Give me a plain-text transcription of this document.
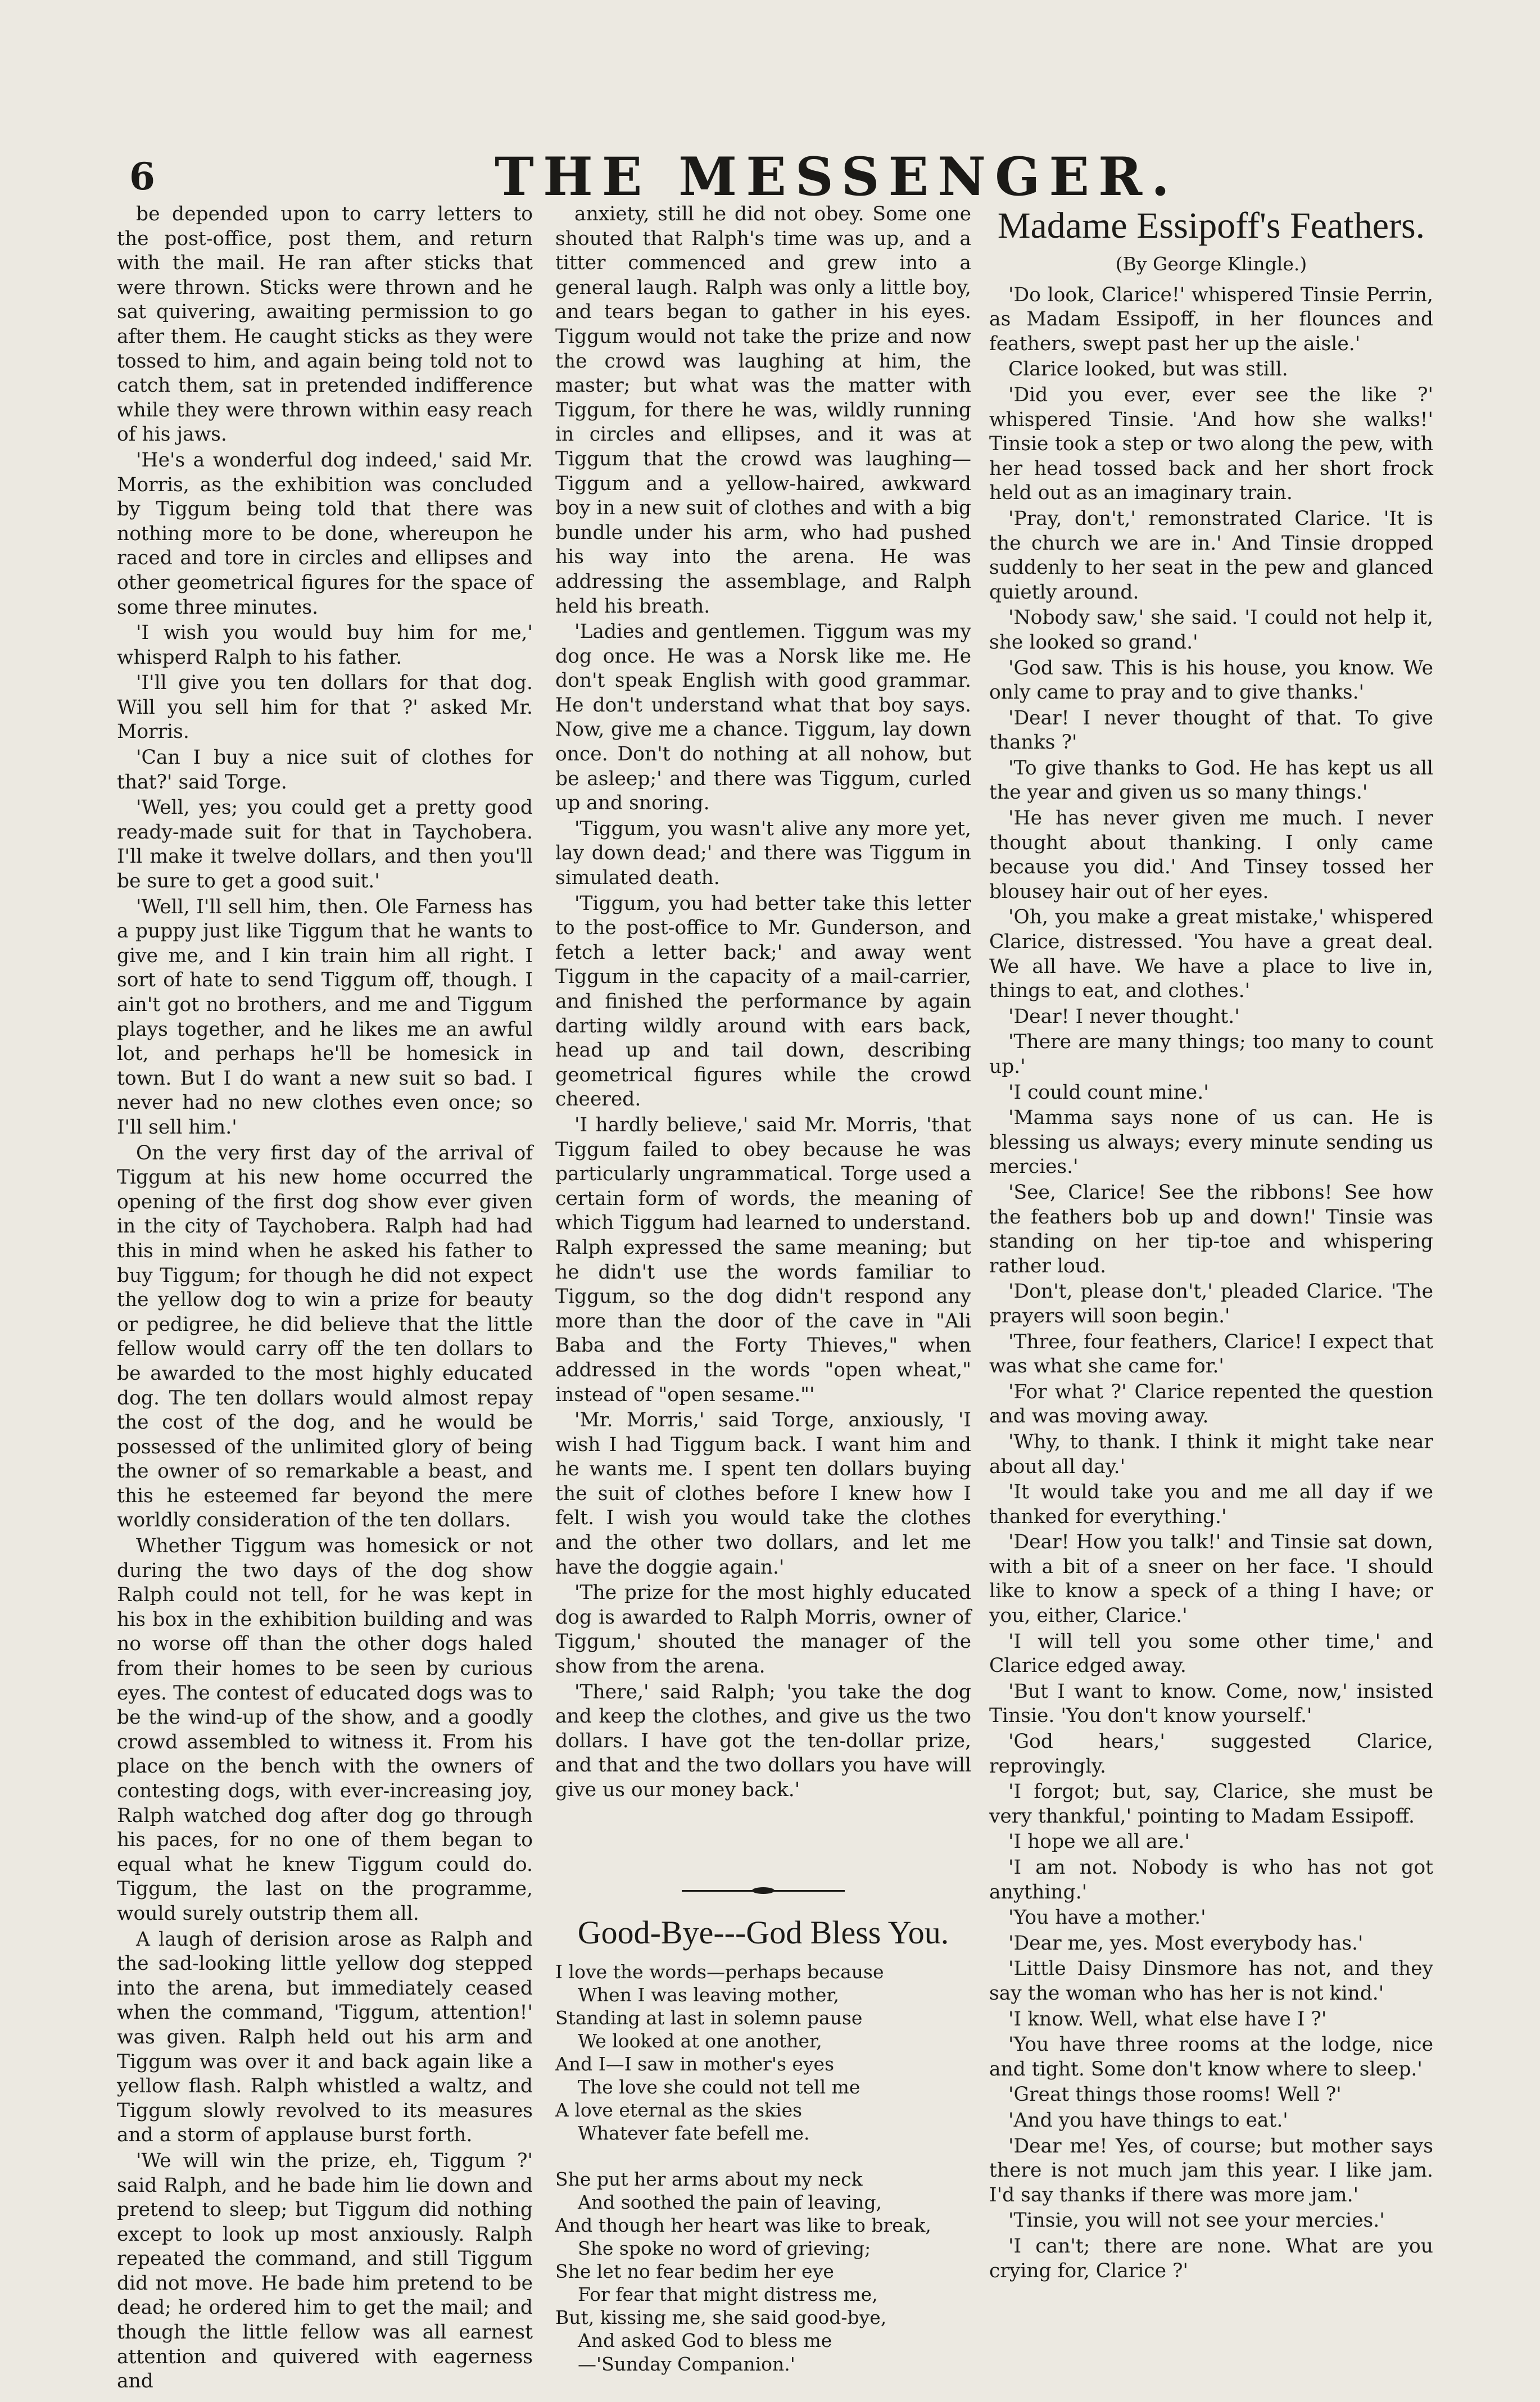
6	THE MESSENGER.

be depended upon to carry letters to the post-office, post them, and return with the mail. He ran after sticks that were thrown. Sticks were thrown and he sat quivering, awaiting permission to go after them. He caught sticks as they were tossed to him, and again being told not to catch them, sat in pretended indifference while they were thrown within easy reach of his jaws.

'He's a wonderful dog indeed,' said Mr. Morris, as the exhibition was concluded by Tiggum being told that there was nothing more to be done, whereupon he raced and tore in circles and ellipses and other geometrical figures for the space of some three minutes.

'I wish you would buy him for me,' whisperd Ralph to his father.

'I'll give you ten dollars for that dog. Will you sell him for that ?' asked Mr. Morris.

'Can I buy a nice suit of clothes for that?' said Torge.

'Well, yes; you could get a pretty good ready-made suit for that in Taychobera. I'll make it twelve dollars, and then you'll be sure to get a good suit.'

'Well, I'll sell him, then. Ole Farness has a puppy just like Tiggum that he wants to give me, and I kin train him all right. I sort of hate to send Tiggum off, though. I ain't got no brothers, and me and Tiggum plays together, and he likes me an awful lot, and perhaps he'll be homesick in town. But I do want a new suit so bad. I never had no new clothes even once; so I'll sell him.'

On the very first day of the arrival of Tiggum at his new home occurred the opening of the first dog show ever given in the city of Taychobera. Ralph had had this in mind when he asked his father to buy Tiggum; for though he did not expect the yellow dog to win a prize for beauty or pedigree, he did believe that the little fellow would carry off the ten dollars to be awarded to the most highly educated dog. The ten dollars would almost repay the cost of the dog, and he would be possessed of the unlimited glory of being the owner of so remarkable a beast, and this he esteemed far beyond the mere worldly consideration of the ten dollars.

Whether Tiggum was homesick or not during the two days of the dog show Ralph could not tell, for he was kept in his box in the exhibition building and was no worse off than the other dogs haled from their homes to be seen by curious eyes. The contest of educated dogs was to be the wind-up of the show, and a goodly crowd assembled to witness it. From his place on the bench with the owners of contesting dogs, with ever-increasing joy, Ralph watched dog after dog go through his paces, for no one of them began to equal what he knew Tiggum could do. Tiggum, the last on the programme, would surely outstrip them all.

A laugh of derision arose as Ralph and the sad-looking little yellow dog stepped into the arena, but immediately ceased when the command, 'Tiggum, attention!' was given. Ralph held out his arm and Tiggum was over it and back again like a yellow flash. Ralph whistled a waltz, and Tiggum slowly revolved to its measures and a storm of applause burst forth.

'We will win the prize, eh, Tiggum ?' said Ralph, and he bade him lie down and pretend to sleep; but Tiggum did nothing except to look up most anxiously. Ralph repeated the command, and still Tiggum did not move. He bade him pretend to be dead; he ordered him to get the mail; and though the little fellow was all earnest attention and quivered with eagerness and

anxiety, still he did not obey. Some one shouted that Ralph's time was up, and a titter commenced and grew into a general laugh. Ralph was only a little boy, and tears began to gather in his eyes. Tiggum would not take the prize and now the crowd was laughing at him, the master; but what was the matter with Tiggum, for there he was, wildly running in circles and ellipses, and it was at Tiggum that the crowd was laughing—Tiggum and a yellow-haired, awkward boy in a new suit of clothes and with a big bundle under his arm, who had pushed his way into the arena. He was addressing the assemblage, and Ralph held his breath.

'Ladies and gentlemen. Tiggum was my dog once. He was a Norsk like me. He don't speak English with good grammar. He don't understand what that boy says. Now, give me a chance. Tiggum, lay down once. Don't do nothing at all nohow, but be asleep;' and there was Tiggum, curled up and snoring.

'Tiggum, you wasn't alive any more yet, lay down dead;' and there was Tiggum in simulated death.

'Tiggum, you had better take this letter to the post-office to Mr. Gunderson, and fetch a letter back;' and away went Tiggum in the capacity of a mail-carrier, and finished the performance by again darting wildly around with ears back, head up and tail down, describing geometrical figures while the crowd cheered.

'I hardly believe,' said Mr. Morris, 'that Tiggum failed to obey because he was particularly ungrammatical. Torge used a certain form of words, the meaning of which Tiggum had learned to understand. Ralph expressed the same meaning; but he didn't use the words familiar to Tiggum, so the dog didn't respond any more than the door of the cave in "Ali Baba and the Forty Thieves," when addressed in the words "open wheat," instead of "open sesame."'

'Mr. Morris,' said Torge, anxiously, 'I wish I had Tiggum back. I want him and he wants me. I spent ten dollars buying the suit of clothes before I knew how I felt. I wish you would take the clothes and the other two dollars, and let me have the doggie again.'

'The prize for the most highly educated dog is awarded to Ralph Morris, owner of Tiggum,' shouted the manager of the show from the arena.

'There,' said Ralph; 'you take the dog and keep the clothes, and give us the two dollars. I have got the ten-dollar prize, and that and the two dollars you have will give us our money back.'

Good-Bye---God Bless You.
I love the words—perhaps because
When I was leaving mother,
Standing at last in solemn pause
We looked at one another,
And I—I saw in mother's eyes
The love she could not tell me
A love eternal as the skies
Whatever fate befell me.

She put her arms about my neck
And soothed the pain of leaving,
And though her heart was like to break,
She spoke no word of grieving;
She let no fear bedim her eye
For fear that might distress me,
But, kissing me, she said good-bye,
And asked God to bless me
—'Sunday Companion.'
Madame Essipoff's Feathers.
(By George Klingle.)

'Do look, Clarice!' whispered Tinsie Perrin, as Madam Essipoff, in her flounces and feathers, swept past her up the aisle.'

Clarice looked, but was still.

'Did you ever, ever see the like ?' whispered Tinsie. 'And how she walks!' Tinsie took a step or two along the pew, with her head tossed back and her short frock held out as an imaginary train.

'Pray, don't,' remonstrated Clarice. 'It is the church we are in.' And Tinsie dropped suddenly to her seat in the pew and glanced quietly around.

'Nobody saw,' she said. 'I could not help it, she looked so grand.'

'God saw. This is his house, you know. We only came to pray and to give thanks.'

'Dear! I never thought of that. To give thanks ?'

'To give thanks to God. He has kept us all the year and given us so many things.'

'He has never given me much. I never thought about thanking. I only came because you did.' And Tinsey tossed her blousey hair out of her eyes.

'Oh, you make a great mistake,' whispered Clarice, distressed. 'You have a great deal. We all have. We have a place to live in, things to eat, and clothes.'

'Dear! I never thought.'

'There are many things; too many to count up.'

'I could count mine.'

'Mamma says none of us can. He is blessing us always; every minute sending us mercies.'

'See, Clarice! See the ribbons! See how the feathers bob up and down!' Tinsie was standing on her tip-toe and whispering rather loud.

'Don't, please don't,' pleaded Clarice. 'The prayers will soon begin.'

'Three, four feathers, Clarice! I expect that was what she came for.'

'For what ?' Clarice repented the question and was moving away.

'Why, to thank. I think it might take near about all day.'

'It would take you and me all day if we thanked for everything.'

'Dear! How you talk!' and Tinsie sat down, with a bit of a sneer on her face. 'I should like to know a speck of a thing I have; or you, either, Clarice.'

'I will tell you some other time,' and Clarice edged away.

'But I want to know. Come, now,' insisted Tinsie. 'You don't know yourself.'

'God hears,' suggested Clarice, reprovingly.

'I forgot; but, say, Clarice, she must be very thankful,' pointing to Madam Essipoff.

'I hope we all are.'

'I am not. Nobody is who has not got anything.'

'You have a mother.'

'Dear me, yes. Most everybody has.'

'Little Daisy Dinsmore has not, and they say the woman who has her is not kind.'

'I know. Well, what else have I ?'

'You have three rooms at the lodge, nice and tight. Some don't know where to sleep.'

'Great things those rooms! Well ?'

'And you have things to eat.'

'Dear me! Yes, of course; but mother says there is not much jam this year. I like jam. I'd say thanks if there was more jam.'

'Tinsie, you will not see your mercies.'

'I can't; there are none. What are you crying for, Clarice ?'
